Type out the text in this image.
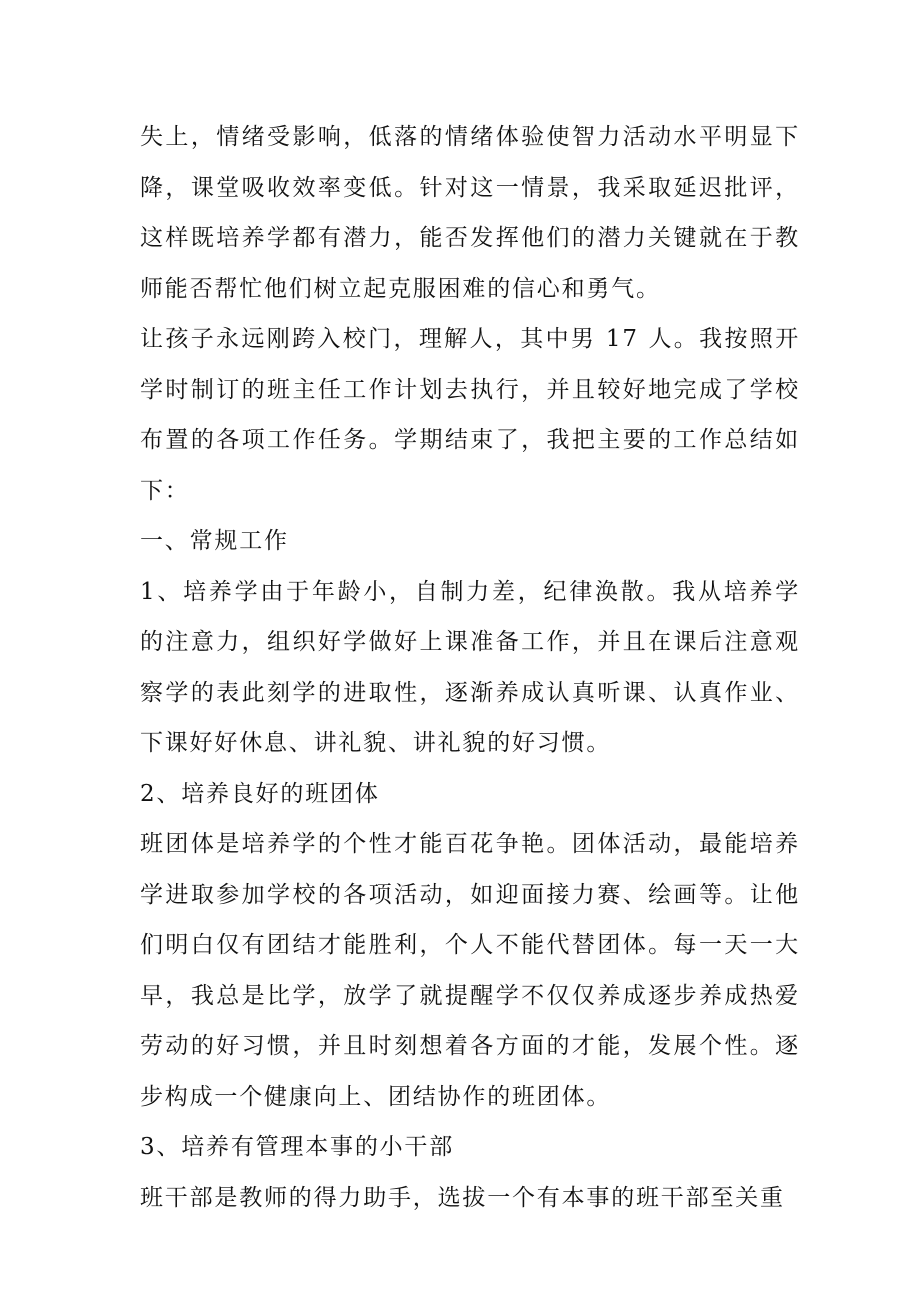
失上，情绪受影响，低落的情绪体验使智力活动水平明显下降，课堂吸收效率变低。针对这一情景，我采取延迟批评，这样既培养学都有潜力，能否发挥他们的潜力关键就在于教师能否帮忙他们树立起克服困难的信心和勇气。

让孩子永远刚跨入校门，理解人，其中男 17 人。我按照开学时制订的班主任工作计划去执行，并且较好地完成了学校布置的各项工作任务。学期结束了，我把主要的工作总结如下：

一、常规工作

1、培养学由于年龄小，自制力差，纪律涣散。我从培养学的注意力，组织好学做好上课准备工作，并且在课后注意观察学的表此刻学的进取性，逐渐养成认真听课、认真作业、下课好好休息、讲礼貌、讲礼貌的好习惯。

2、培养良好的班团体

班团体是培养学的个性才能百花争艳。团体活动，最能培养学进取参加学校的各项活动，如迎面接力赛、绘画等。让他们明白仅有团结才能胜利，个人不能代替团体。每一天一大早，我总是比学，放学了就提醒学不仅仅养成逐步养成热爱劳动的好习惯，并且时刻想着各方面的才能，发展个性。逐步构成一个健康向上、团结协作的班团体。

3、培养有管理本事的小干部

班干部是教师的得力助手，选拔一个有本事的班干部至关重
